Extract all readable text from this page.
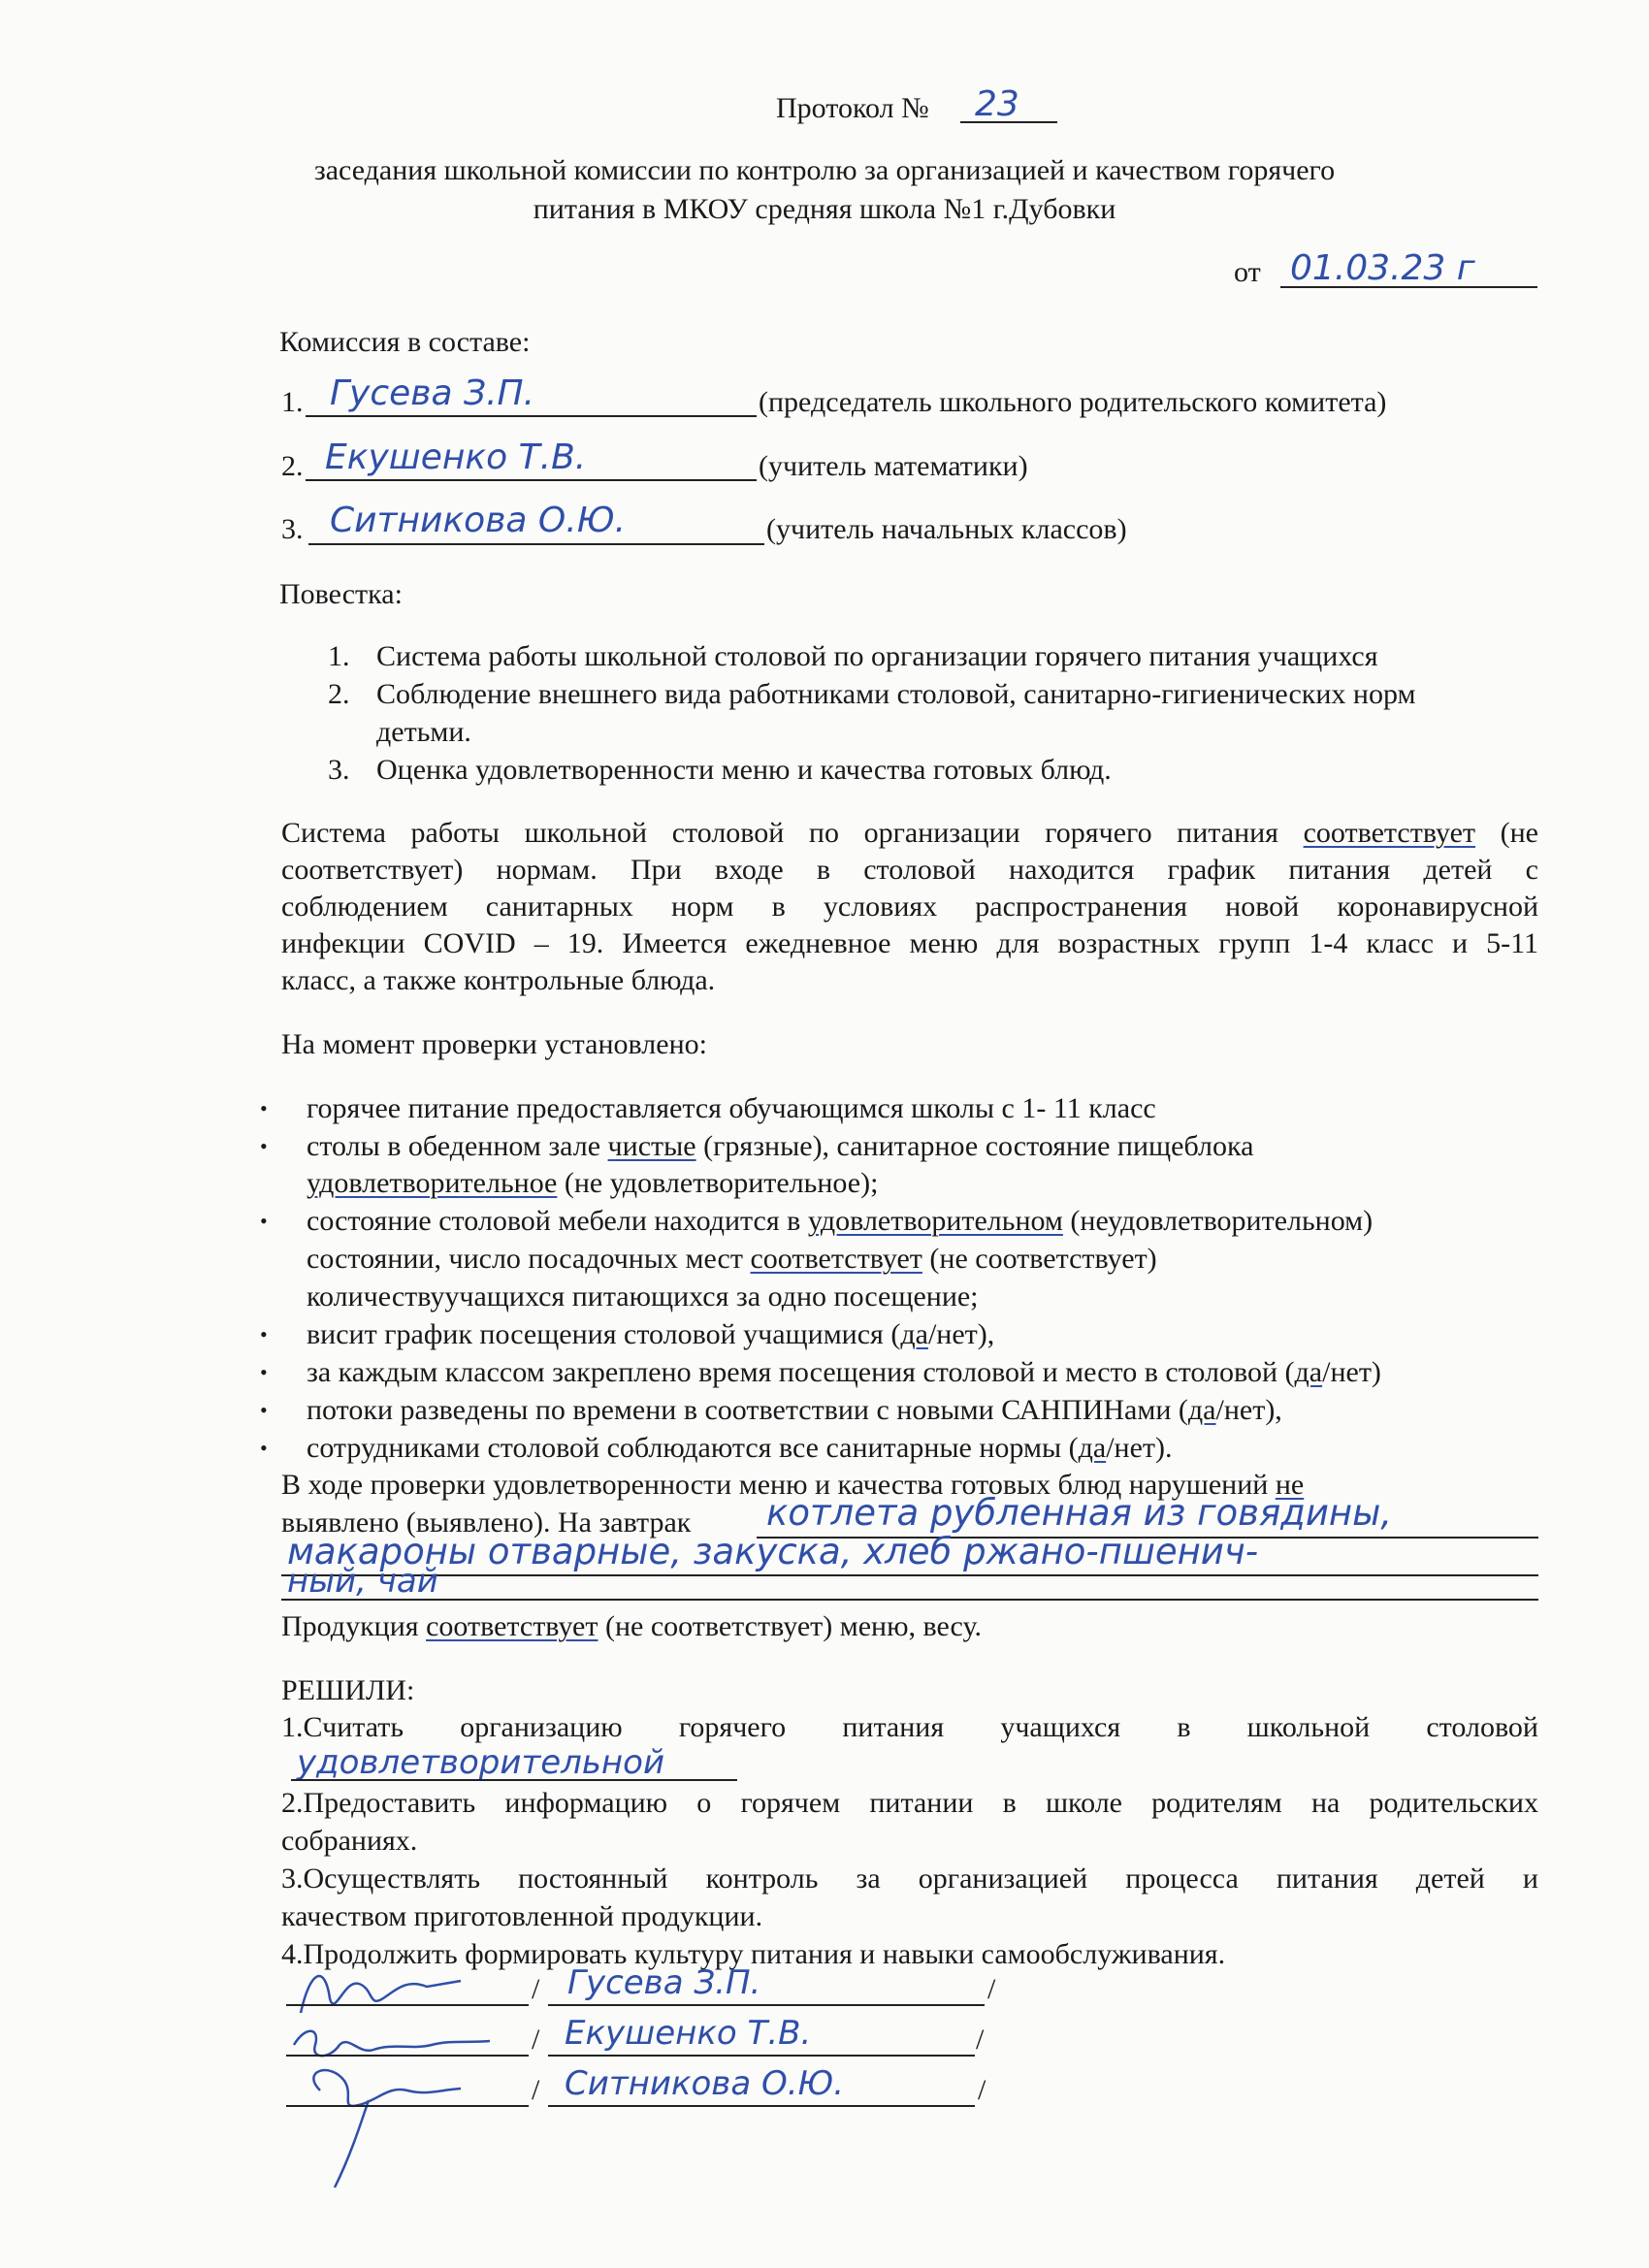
Протокол № 23
заседания школьной комиссии по контролю за организацией и качеством горячего
питания в МКОУ средняя школа №1 г.Дубовки
от 01.03.23 г
Комиссия в составе:
1. Гусева З.П.	(председатель школьного родительского комитета)
2. Екушенко Т.В.	(учитель математики)
3. Ситникова О.Ю.	(учитель начальных классов)
Повестка:
1. Система работы школьной столовой по организации горячего питания учащихся
2. Соблюдение внешнего вида работниками столовой, санитарно-гигиенических норм
детьми.
3. Оценка удовлетворенности меню и качества готовых блюд.
Система работы школьной столовой по организации горячего питания соответствует (не
соответствует) нормам. При входе в столовой находится график питания детей с
соблюдением санитарных норм в условиях распространения новой коронавирусной
инфекции COVID – 19. Имеется ежедневное меню для возрастных групп 1-4 класс и 5-11
класс, а также контрольные блюда.
На момент проверки установлено:
• горячее питание предоставляется обучающимся школы с 1- 11 класс
• столы в обеденном зале чистые (грязные), санитарное состояние пищеблока
удовлетворительное (не удовлетворительное);
• состояние столовой мебели находится в удовлетворительном (неудовлетворительном)
состоянии, число посадочных мест соответствует (не соответствует)
количествуучащихся питающихся за одно посещение;
• висит график посещения столовой учащимися (да/нет),
• за каждым классом закреплено время посещения столовой и место в столовой (да/нет)
• потоки разведены по времени в соответствии с новыми САНПИНами (да/нет),
• сотрудниками столовой соблюдаются все санитарные нормы (да/нет).
В ходе проверки удовлетворенности меню и качества готовых блюд нарушений не
выявлено (выявлено). На завтрак котлета рубленная из говядины,
макароны отварные, закуска, хлеб ржано-пшенич-
ный, чай
Продукция соответствует (не соответствует) меню, весу.
РЕШИЛИ:
1.Считать организацию горячего питания учащихся в школьной столовой
удовлетворительной
2.Предоставить информацию о горячем питании в школе родителям на родительских
собраниях.
3.Осуществлять постоянный контроль за организацией процесса питания детей и
качеством приготовленной продукции.
4.Продолжить формировать культуру питания и навыки самообслуживания.
/ Гусева З.П.	/
/ Екушенко Т.В.	/
/ Ситникова О.Ю.	/
